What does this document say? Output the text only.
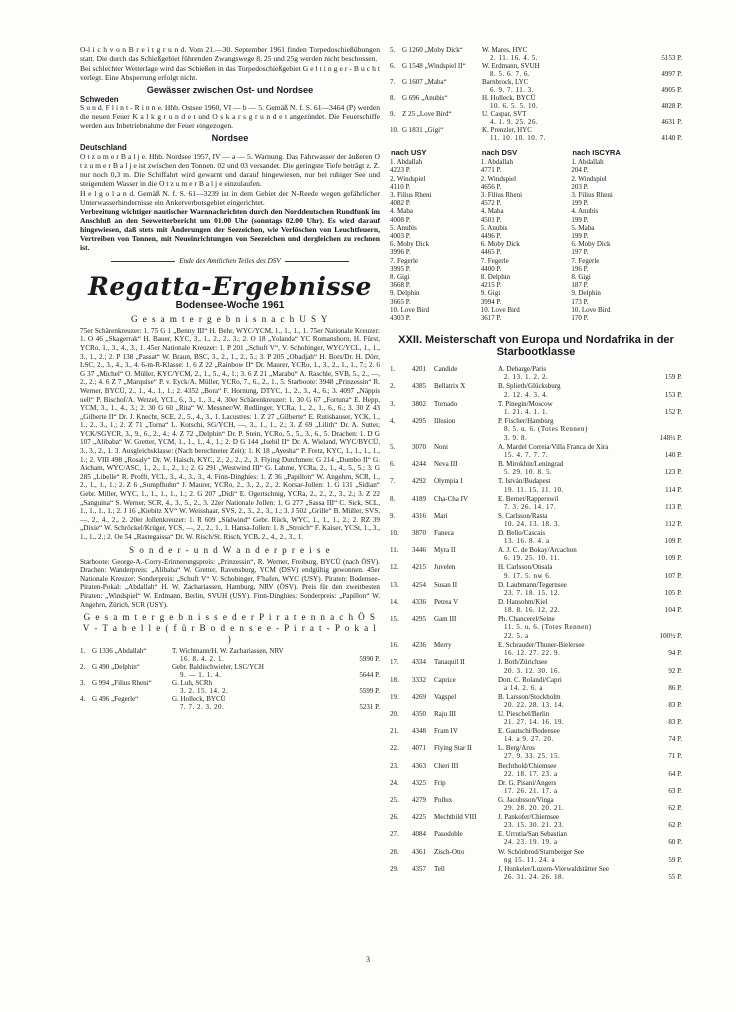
O-l i c h v o n B r e i t g r u n d. Vom 21.—30. September 1961 finden Torpedoschießübungen statt. Die durch das Schießgebiet führenden Zwangswege 8, 25 und 25g werden nicht beschossen.

Bei schlechter Wetterlage wird das Schießen in das Torpedoschießgebiet G e l t i n g e r - B u c h t verlegt. Eine Absperrung erfolgt nicht.

Gewässer zwischen Ost- und Nordsee
Schweden

S u n d. F l i n t - R i n n e. Hhb. Ostsee 1960, VI — b — 5. Gemäß N. f. S. 61—3464 (P) werden die neuen Feuer K a l k g r u n d e t und O s k a r s g r u n d e t angezündet. Die Feuerschiffe werden aus Inbetriebnahme der Feuer eingezogen.

Nordsee
Deutschland

O t z u m e r B a l j e. Hhb. Nordsee 1957, IV — a — 5. Warnung. Das Fahrwasser der äußeren O t z u m e r B a l j e ist zwischen den Tonnen. 02 und 03 versandet. Die geringste Tiefe beträgt z. Z. nur noch 0,3 m. Die Schiffahrt wird gewarnt und darauf hingewiesen, nur bei ruhiger See und steigendem Wasser in die O t z u m e r B a l j e einzulaufen.

H e l g o l a n d. Gemäß N. f. S. 61—3239 ist in dem Gebiet der N-Reede wegen gefährlicher Unterwasserhindernisse ein Ankerverbotsgebiet eingerichtet.

Verbreitung wichtiger nautischer Warnnachrichten durch den Norddeutschen Rundfunk im Anschluß an den Seewetterbericht um 01.00 Uhr (sonntags 02.00 Uhr). Es wird darauf hingewiesen, daß stets mit Änderungen der Seezeichen, wie Verlöschen von Leuchtfeuern, Vertreiben von Tonnen, mit Neueinrichtungen von Seezeichen und dergleichen zu rechnen ist.

Ende des Amtlichen Teiles des DSV
Regatta-Ergebnisse
Bodensee-Woche 1961
G e s a m t e r g e b n i s n a c h U S Y

75er Schärenkreuzer: 1. 75 G 1 „Benny III“ H. Behr, WYC/YCM, 1., 1., 1., 1. 75er Nationale Kreuzer: 1. O 46 „Skagerrak“ H. Bauer, KYC, 3., 1., 2., 2., 3.; 2. O 18 „Yolanda“ YC Romanshorn, H. Fürst, YCRo, 1., 3., 4., 3., 1. 45er Nationale Kreuzer: 1. P 201 „Schuft V“, V. Schobinger, WYC/YCL, 1., 1., 3., 1., 2.; 2. P 138 „Passat“ W. Braun, BSC, 3., 2., 1., 2., 5.; 3. P 205 „Obadjah“ H. Bors/Dr. H. Dörr, LSC, 2., 3., 4., 3., 4. 6-m-R-Klasse: 1. 6 Z 22 „Rainbow II“ Dr. Maurer, YCRo, 1., 3., 2., 1., 1., 7.; 2. 6 G 37 „Michel“ O. Müller, KYC/YCM, 2., 1., 5., 4., 1.; 3. 6 Z 21 „Marabu“ A. Raschle, SVB, 5., 2., —, 2., 2.; 4. 6 Z 7 „Marquise“ P. v. Eyck/A. Müller, YCRo, 7., 6., 2., 1., 5. Starboote: 3948 „Prinzessin“ R. Werner, BYCÜ, 2., 1., 4., 1., 1.; 2. 4352 „Bora“ F. Hornung, DTYC, 1., 2., 3., 4., 6.; 3. 4097 „Näppis uell“ P. Bischof/A. Wetzel, YCL, 6., 3., 1., 3., 4. 30er Schärenkreuzer: 1. 30 G 67 „Fortuna“ E. Hepp, YCM, 3., 1., 4., 3.; 2. 30 G 60 „Rita“ W. Messner/W. Redlinger, YCRa, 1., 2., 1., 6., 6.; 3. 30 Z 43 „Gilberte II“ Dr. J. Knecht, SCE, 2., 5., 4., 3., 1. Lacustres: 1. Z 27 „Gilberte“ E. Rutishauser, YCK, 1., 1., 2., 3., 1.; 2. Z 71 „Torna“ L. Kotschi, SG/YCH, —, 3., 1., 1., 2.; 3. Z 69 „Lilith“ Dr. A. Sutter, YCK/SGYCR, 3., 9., 6., 2., 4.; 4. Z 72 „Delphin“ Dr. P. Stein, YCRo, 5., 5., 3., 6., 5. Drachen: 1. D G 107 „Alibaba“ W. Gretter, YCM, 1., 1., 1., 4., 1.; 2. D G 144 „Isebil II“ Dr. A. Wieland, WYC/BYCÜ, 3., 3., 2., 1. 3. Ausgleichsklasse: (Nach berechneter Zeit): 1. K 18 „Ayesha“ P. Fretz, KYC, 1., 1., 1., 1., 1.; 2. VIII 498 „Rosaly“ Dr. W. Haisch, KYC, 2., 2., 2., 2., 3. Flying Dutchmen: G 214 „Dumbo II“ G. Aicham, WYC/ASC, 1., 2., 1., 2., 1.; 2. G 291 „Westwind III“ G. Lahme, YCRa, 2., 1., 4., 5., 5.; 3. G 285 „Libelle“ R. Profft, YCL, 3., 4., 3., 3., 4. Finn-Dinghies: 1. Z 36 „Papillon“ W. Angehrn, SCR, 1., 2., 1., 1., 1.; 2. Z 6 „Sumpfhuhn“ J. Maurer, YCRo, 2., 3., 2., 2., 2. Korsar-Jollen: 1. G 131 „Sidian“ Gebr. Miller, WYC, 1., 1., 1., 1., 1.; 2. G 207 „Didi“ E. Ogertschnig, YCRa, 2., 2., 2., 3., 2.; 3. Z 22 „Sanguina“ S. Werner, SCR, 4., 3., 5., 2., 3. 22er Nationale Jollen: 1. G 277 „Sassa III“ C. Sick, SCL, 1., 1., 1., 1.; 2. J 16 „Kiebitz XV“ W. Weisshaar, SVS, 2., 3., 2., 3., 1.; 3. J 502 „Grille“ B. Müller, SVS, —, 2., 4., 2., 2. 20er Jollenkreuzer: 1. R 609 „Südwind“ Gebr. Rück, WYC, 1., 1., 1., 2.; 2. RZ 39 „Dixie“ W. Schröckel/Krüger, YCS, —, 2., 2., 1., 1. Hansa-Jollen: 1. 8 „Stroich“ F. Kaiser, YCSt, 1., 3., 1., 1., 2.; 2. Oe 54 „Rastegaissa“ Dr. W. Risch/St. Risch, YCB, 2., 4., 2., 3., 1.

S o n d e r - u n d W a n d e r p r e i s e

Starboote: George-A.-Corry-Erinnerungspreis: „Prinzessin“, R. Werner, Freiburg, BYCÜ (nach ÖSV). Drachen: Wanderpreis: „Alibaba“ W. Gretter, Ravensburg, YCM (DSV) endgültig gewonnen. 45er Nationale Kreuzer: Sonderpreis: „Schuft V“ V. Schobinger, F'hafen, WYC (USY). Piraten: Bodensee-Piraten-Pokal: „Abdallah“ H. W. Zachariassen, Hamburg, NRV (ÖSV). Preis für den zweitbesten Piraten: „Windspiel“ W. Erdmann, Berlin, SVUH (USY). Finn-Dinghies: Sonderpreis: „Papillon“ W. Angehrn, Zürich, SCR (USY).

G e s a m t e r g e b n i s s e d e r P i r a t e n n a c h Ö S V - T a b e l l e ( f ü r B o d e n s e e - P i r a t - P o k a l )
1.	G 1336 „Abdallah“	T. Wichmann/H. W. Zachariassen, NRV	
		16. 8. 4. 2. 1.	5990 P.
2.	G 490 „Delphin“	Gebr. Baldischwieler, LSC/YCH	
		9. — 1. 1. 4.	5644 P.
3.	G 994 „Filius Rheni“	G. Luh, SCRh	
		3. 2. 15. 14. 2.	5599 P.
4.	G 496 „Fegerle“	G. Holleck, BYCÜ	
		7. 7. 2. 3. 20.	5231 P.
5.	G 1260 „Moby Dick“	W. Mares, HYC	
		2. 11. 16. 4. 5.	5153 P.
6.	G 1548 „Windspiel II“	W. Erdmann, SVUH	
		8. 5. 6. 7. 6.	4997 P.
7.	G 1607 „Maba“	Barnbrock, LYC	
		6. 9. 7. 11. 3.	4905 P.
8.	G 696 „Anubis“	H. Holleck, BYCÜ	
		10. 6. 5. 5. 10.	4828 P.
9.	Z 25 „Love Bird“	U. Caspar, SVT	
		4. 1. 9. 25. 26.	4631 P.
10.	G 1831 „Gigi“	K. Prenzler, HYC	
		11. 10. 10. 10. 7.	4140 P.
nach USY	nach DSV	nach ISCYRA
1. Abdallah	1. Abdallah	1. Abdallah
4223 P.	4771 P.	204 P.
2. Windspiel	2. Windspiel	2. Windspiel
4110 P.	4656 P.	203 P.
3. Filius Rheni	3. Filius Rheni	3. Filius Rheni
4082 P.	4572 P.	199 P.
4. Maba	4. Maba	4. Anubis
4008 P.	4501 P.	199 P.
5. Anubis	5. Anubis	5. Maba
4003 P.	4496 P.	199 P.
6. Moby Dick	6. Moby Dick	6. Moby Dick
3996 P.	4465 P.	197 P.
7. Fegerle	7. Fegerle	7. Fegerle
3995 P.	4400 P.	196 P.
8. Gigi	8. Delphin	8. Gigi
3668 P.	4215 P.	187 P.
9. Delphin	9. Gigi	9. Delphin
3665 P.	3994 P.	173 P.
10. Love Bird	10. Love Bird	10. Love Bird
4303 P.	3617 P.	170 P.
XXII. Meisterschaft von Europa und Nordafrika in der Starbootklasse
1.	4201	Candide	A. Debarge/Paris	
			2. 13. 1. 2. 2.	159 P.
2.	4385	Bellatrix X	B. Splieth/Glücksburg	
			2. 12. 4. 3. 4.	153 P.
3.	3802	Tornado	T. Pinegin/Moscow	
			1. 21. 4. 1. 1.	152 P.
4.	4295	Illusion	P. Fischer/Hamburg	
			8. 5. u. 6. (Totes Rennen)	

			3. 9. 8.	148½ P.
5.	3070	Noni	A. Mardel Correia/Villa Franca de Xira	
			15. 4. 7. 7. 7.	140 P.
6.	4244	Neva III	B. Mirokhin/Leningrad	
			5. 29. 10. 8. 5.	123 P.
7.	4292	Olympia I	T. István/Budapest	
			19. 11. 15. 11. 10.	114 P.
8.	4189	Cha-Cha IV	E. Bernet/Rapperswil	
			7. 3. 26. 14. 17.	113 P.
9.	4316	Mari	S. Carlsson/Rasta	
			10. 24. 13. 18. 3.	112 P.
10.	3870	Faneca	D. Bello/Cascais	
			13. 16. 8. 4. a	109 P.
11.	3446	Myra II	A. J. C. de Bokay/Arcachon	
			6. 19. 25. 10. 11.	109 P.
12.	4215	Juvelen	H. Carlsson/Onsala	
			9. 17. 5. nw 6.	107 P.
13.	4254	Susan II	D. Laubmann/Tegernsee	
			23. 7. 18. 15. 12.	105 P.
14.	4336	Petrea V	D. Hansohm/Kiel	
			18. 8. 16. 12. 22.	104 P.
15.	4295	Gam III	Ph. Chancerel/Seine	
			11. 5. u. 6. (Totes Rennen)	

			22. 5. a	100½ P.
16.	4236	Merry	E. Schrauder/Thuner-Bielersee	
			16. 12. 27. 22. 9.	94 P.
17.	4334	Tanaquil II	J. Both/Zürichsee	
			20. 3. 12. 30. 16.	92 P.
18.	3332	Caprice	Dott. C. Rolandi/Capri	
			a 14. 2. 6. a	86 P.
19.	4269	Vagspel	B. Larsson/Stockholm	
			20. 22. 28. 13. 14.	83 P.
20.	4350	Raju III	U. Pieschel/Berlin	
			21. 27. 14. 16. 19.	83 P.
21.	4348	Fram IV	E. Gautschi/Bodensee	
			14. a 9. 27. 20.	74 P.
22.	4071	Flying Star II	L. Berg/Aros	
			27. 9. 33. 25. 15.	71 P.
23.	4363	Cheri III	Bechthold/Chiemsee	
			22. 18. 17. 23. a	64 P.
24.	4325	Frip	Dr. G. Pisani/Angers	
			17. 26. 21. 17. a	63 P.
25.	4279	Pollux	G. Jacobsson/Vinga	
			29. 28. 20. 20. 21.	62 P.
26.	4225	Mechthild VIII	J. Pankofer/Chiemsee	
			23. 15. 30. 21. 23.	62 P.
27.	4084	Pasodoble	E. Urrutia/San Sebastian	
			24. 23. 19. 19. a	60 P.
28.	4361	Zisch-Otto	W. Schönbrod/Starnberger See	
			ng 15. 11. 24. a	59 P.
29.	4357	Tell	J. Hunkeler/Luzern-Vierwaldstätter See	
			26. 31. 24. 26. 18.	55 P.
3
